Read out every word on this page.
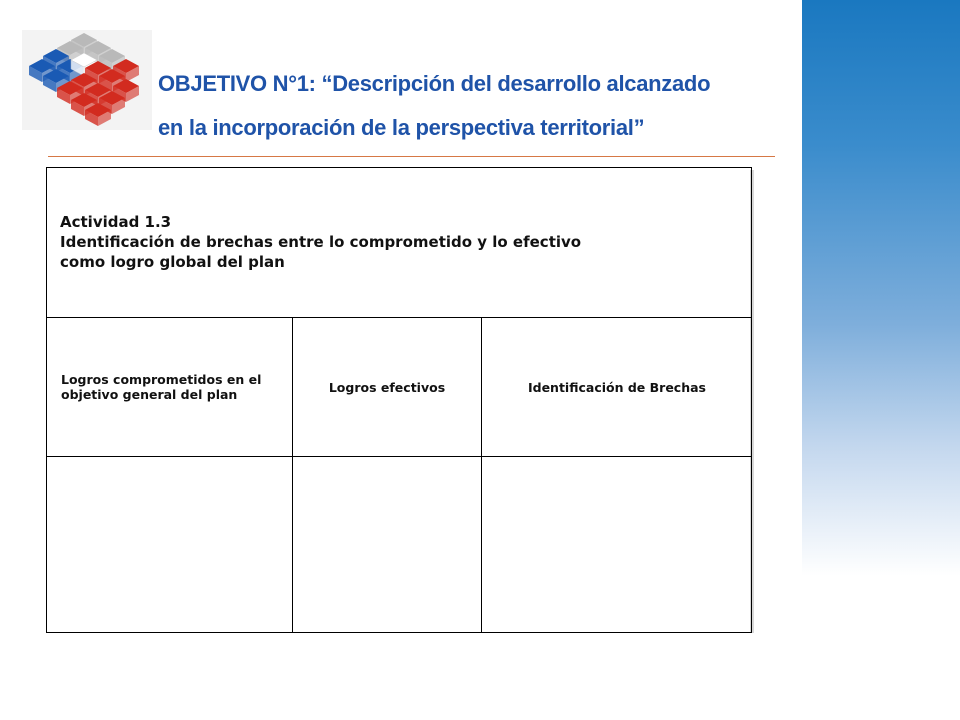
OBJETIVO N°1: “Descripción del desarrollo alcanzado
en la incorporación de la perspectiva territorial”
Actividad 1.3
Identificación de brechas entre lo comprometido y lo efectivo
como logro global del plan
Logros comprometidos en el objetivo general del plan	Logros efectivos	Identificación de Brechas
